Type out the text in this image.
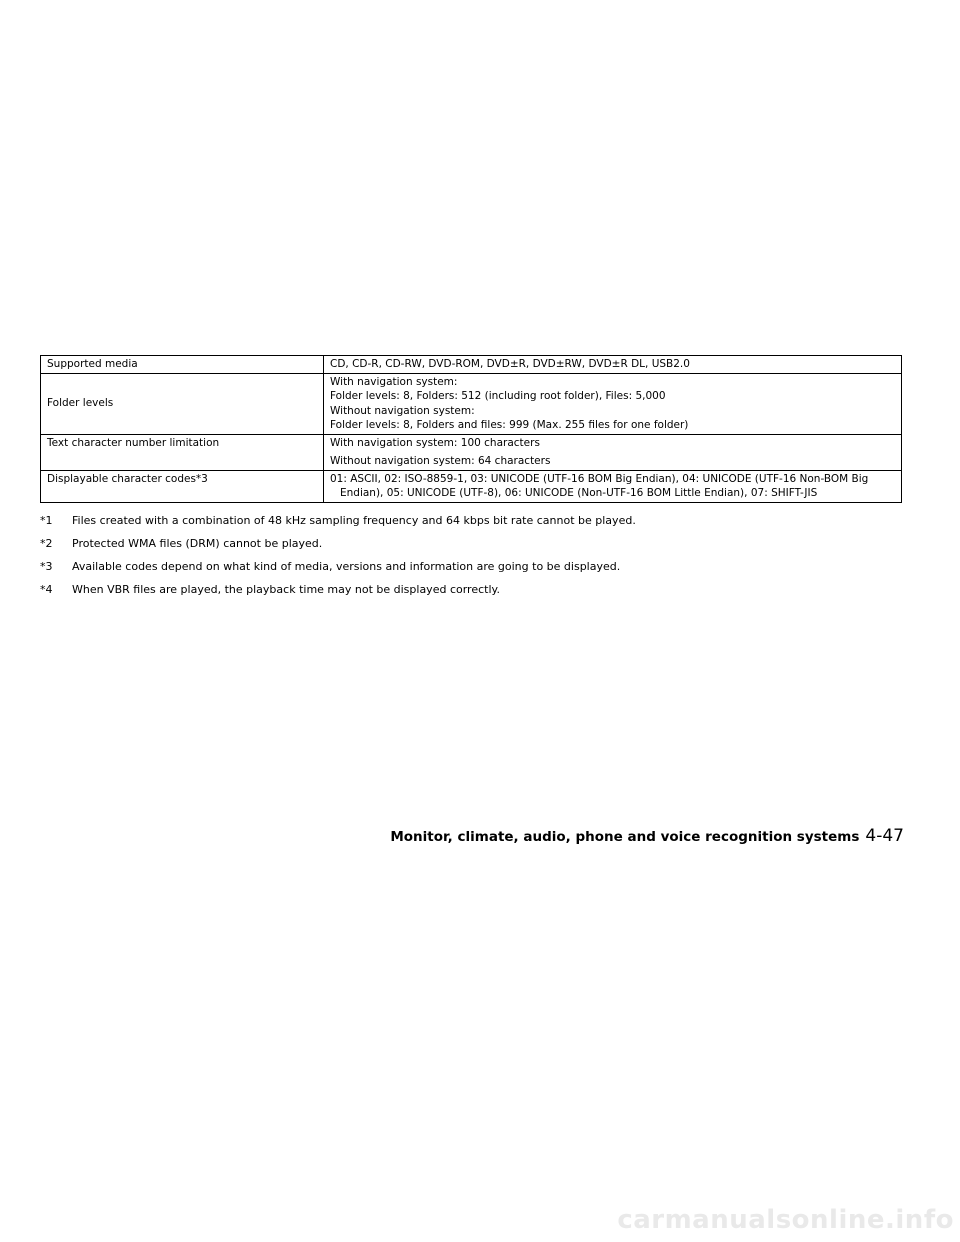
Supported media	CD, CD-R, CD-RW, DVD-ROM, DVD±R, DVD±RW, DVD±R DL, USB2.0

Folder levels	With navigation system:
Folder levels: 8, Folders: 512 (including root folder), Files: 5,000
Without navigation system:
Folder levels: 8, Folders and files: 999 (Max. 255 files for one folder)

Text character number limitation	With navigation system: 100 characters
Without navigation system: 64 characters

Displayable character codes*3	01: ASCII, 02: ISO-8859-1, 03: UNICODE (UTF-16 BOM Big Endian), 04: UNICODE (UTF-16 Non-BOM Big
Endian), 05: UNICODE (UTF-8), 06: UNICODE (Non-UTF-16 BOM Little Endian), 07: SHIFT-JIS
*1	Files created with a combination of 48 kHz sampling frequency and 64 kbps bit rate cannot be played.
*2	Protected WMA files (DRM) cannot be played.
*3	Available codes depend on what kind of media, versions and information are going to be displayed.
*4	When VBR files are played, the playback time may not be displayed correctly.
Monitor, climate, audio, phone and voice recognition systems 4-47
carmanualsonline.info
